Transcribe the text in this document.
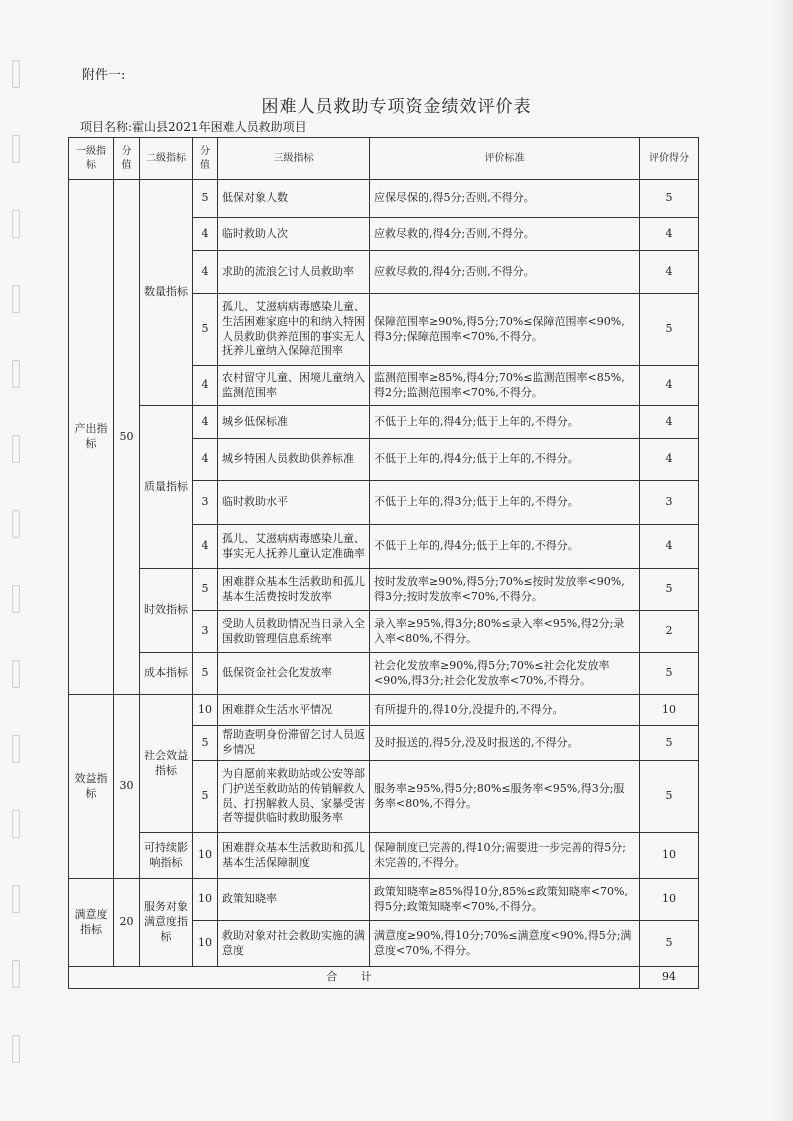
附件一:
困难人员救助专项资金绩效评价表
项目名称:霍山县2021年困难人员救助项目
一级指标	分值	二级指标	分值	三级指标	评价标准	评价得分
产出指标	50	数量指标	5	低保对象人数	应保尽保的,得5分;否则,不得分。	5
			4	临时救助人次	应救尽救的,得4分;否则,不得分。	4
			4	求助的流浪乞讨人员救助率	应救尽救的,得4分;否则,不得分。	4
			5	孤儿、艾滋病病毒感染儿童、生活困难家庭中的和纳入特困人员救助供养范围的事实无人抚养儿童纳入保障范围率	保障范围率≥90%,得5分;70%≤保障范围率<90%,得3分;保障范围率<70%,不得分。	5
			4	农村留守儿童、困境儿童纳入监测范围率	监测范围率≥85%,得4分;70%≤监测范围率<85%,得2分;监测范围率<70%,不得分。	4
		质量指标	4	城乡低保标准	不低于上年的,得4分;低于上年的,不得分。	4
			4	城乡特困人员救助供养标准	不低于上年的,得4分;低于上年的,不得分。	4
			3	临时救助水平	不低于上年的,得3分;低于上年的,不得分。	3
			4	孤儿、艾滋病病毒感染儿童、事实无人抚养儿童认定准确率	不低于上年的,得4分;低于上年的,不得分。	4
		时效指标	5	困难群众基本生活救助和孤儿基本生活费按时发放率	按时发放率≥90%,得5分;70%≤按时发放率<90%,得3分;按时发放率<70%,不得分。	5
			3	受助人员救助情况当日录入全国救助管理信息系统率	录入率≥95%,得3分;80%≤录入率<95%,得2分;录入率<80%,不得分。	2
		成本指标	5	低保资金社会化发放率	社会化发放率≥90%,得5分;70%≤社会化发放率<90%,得3分;社会化发放率<70%,不得分。	5
效益指标	30	社会效益指标	10	困难群众生活水平情况	有所提升的,得10分,没提升的,不得分。	10
			5	帮助查明身份滞留乞讨人员返乡情况	及时报送的,得5分,没及时报送的,不得分。	5
			5	为自愿前来救助站或公安等部门护送至救助站的传销解救人员、打拐解救人员、家暴受害者等提供临时救助服务率	服务率≥95%,得5分;80%≤服务率<95%,得3分;服务率<80%,不得分。	5
		可持续影响指标	10	困难群众基本生活救助和孤儿基本生活保障制度	保障制度已完善的,得10分;需要进一步完善的得5分;未完善的,不得分。	10
满意度指标	20	服务对象满意度指标	10	政策知晓率	政策知晓率≥85%得10分,85%≤政策知晓率<70%,得5分;政策知晓率<70%,不得分。	10
			10	救助对象对社会救助实施的满意度	满意度≥90%,得10分;70%≤满意度<90%,得5分;满意度<70%,不得分。	5
合 计						94
